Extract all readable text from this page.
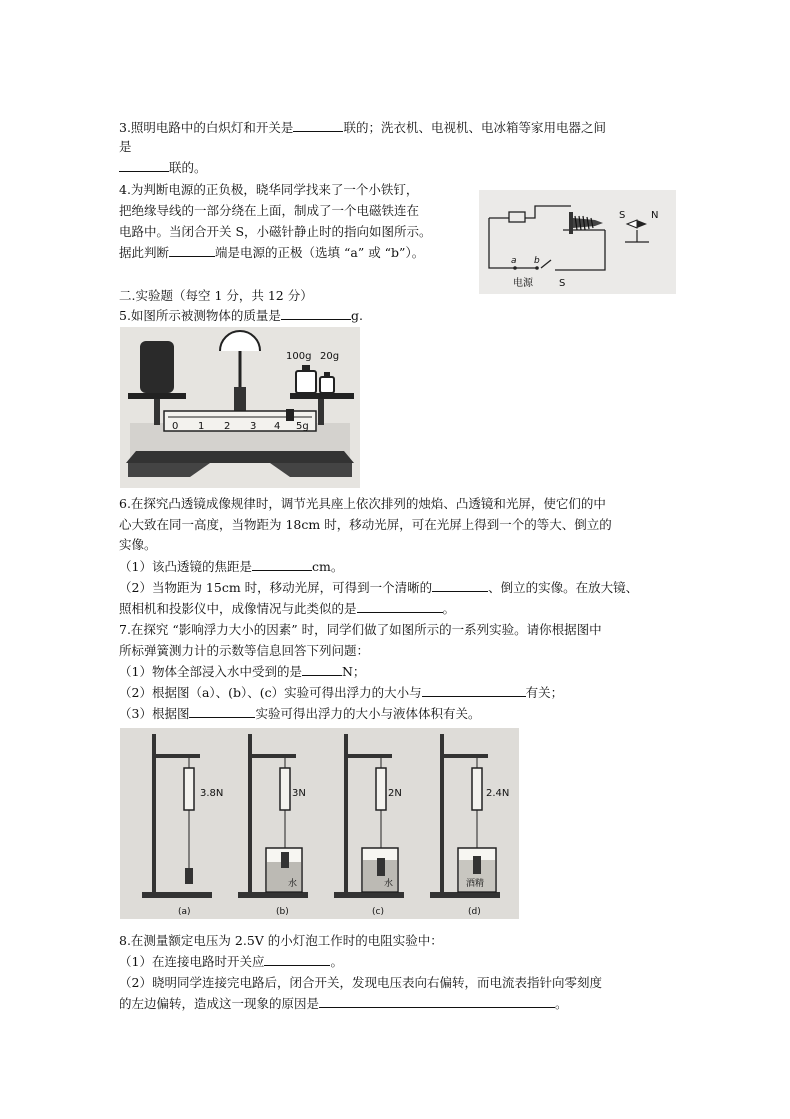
3.照明电路中的白炽灯和开关是	联的；洗衣机、电视机、电冰箱等家用电器之间
是
联的。
4.为判断电源的正负极，晓华同学找来了一个小铁钉，
把绝缘导线的一部分绕在上面，制成了一个电磁铁连在
电路中。当闭合开关 S，小磁针静止时的指向如图所示。
据此判断	端是电源的正极（选填 “a” 或 “b”）。
S	N
a b
电源	S
二.实验题（每空 1 分，共 12 分）
5.如图所示被测物体的质量是	g.
100g 20g
0 1 2 3 4 5g
6.在探究凸透镜成像规律时，调节光具座上依次排列的烛焰、凸透镜和光屏，使它们的中
心大致在同一高度，当物距为 18cm 时，移动光屏，可在光屏上得到一个的等大、倒立的
实像。
（1）该凸透镜的焦距是	cm。
（2）当物距为 15cm 时，移动光屏，可得到一个清晰的	、倒立的实像。在放大镜、
照相机和投影仪中，成像情况与此类似的是	。
7.在探究 “影响浮力大小的因素” 时，同学们做了如图所示的一系列实验。请你根据图中
所标弹簧测力计的示数等信息回答下列问题：
（1）物体全部浸入水中受到的是	N；
（2）根据图（a）、(b）、(c）实验可得出浮力的大小与	有关；
（3）根据图	实验可得出浮力的大小与液体体积有关。
3.8N
(a)
3N
水
(b)
2N
水
(c)
2.4N
酒精
(d)
8.在测量额定电压为 2.5V 的小灯泡工作时的电阻实验中：
（1）在连接电路时开关应	。
（2）晓明同学连接完电路后，闭合开关，发现电压表向右偏转，而电流表指针向零刻度
的左边偏转，造成这一现象的原因是	。
